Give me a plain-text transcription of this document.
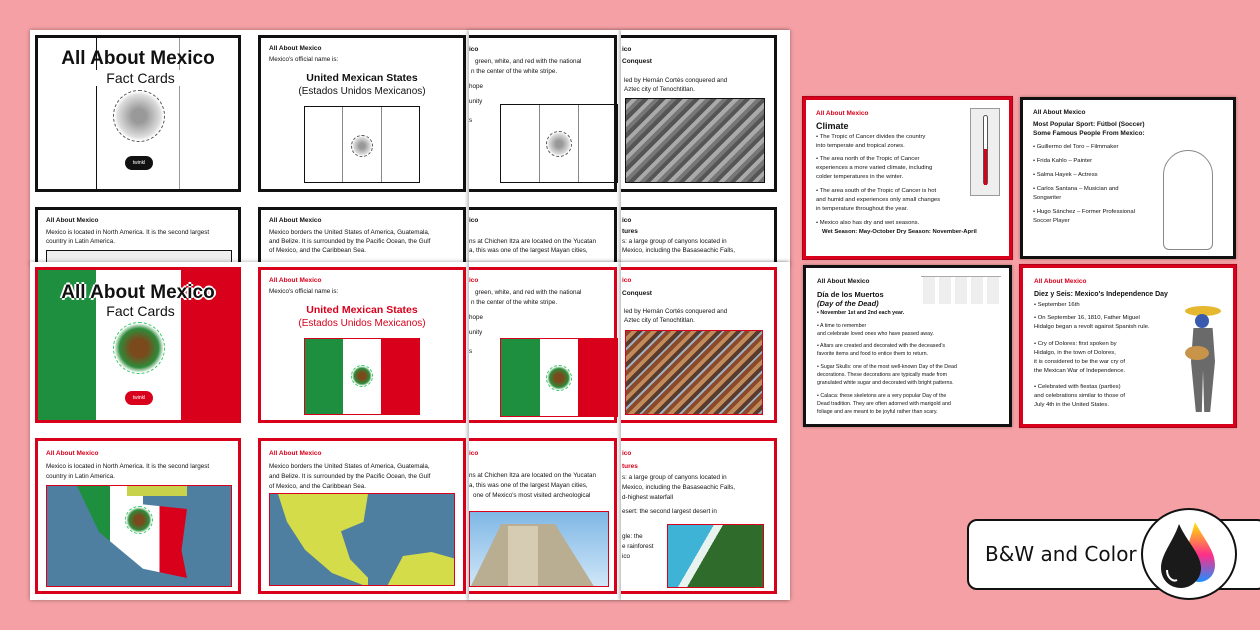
All About Mexico
Fact Cards
twinkl
All About Mexico
Mexico's official name is:
United Mexican States
(Estados Unidos Mexicanos)
All About Mexico
Mexico is located in North America. It is the second largest
country in Latin America.
All About Mexico
Mexico borders the United States of America, Guatemala,
and Belize. It is surrounded by the Pacific Ocean, the Gulf
of Mexico, and the Caribbean Sea.
ico
green, white, and red with the national
n the center of the white stripe.
hope
unity
s
ico
ns at Chichen Itza are located on the Yucatan
a, this was one of the largest Mayan cities,
ico
Conquest
led by Hernán Cortés conquered and
Aztec city of Tenochtitlan.
ico
tures
s: a large group of canyons located in
Mexico, including the Basaseachic Falls,
All About Mexico
Fact Cards
twinkl
All About Mexico
Mexico's official name is:
United Mexican States
(Estados Unidos Mexicanos)
All About Mexico
Mexico is located in North America. It is the second largest
country in Latin America.
All About Mexico
Mexico borders the United States of America, Guatemala,
and Belize. It is surrounded by the Pacific Ocean, the Gulf
of Mexico, and the Caribbean Sea.
ico
green, white, and red with the national
n the center of the white stripe.
hope
unity
s
ico
ns at Chichen Itza are located on the Yucatan
a, this was one of the largest Mayan cities,
one of Mexico's most visited archeological
ico
Conquest
led by Hernán Cortés conquered and
Aztec city of Tenochtitlan.
ico
tures
s: a large group of canyons located in
Mexico, including the Basaseachic Falls,
d-highest waterfall
esert: the second largest desert in
gle: the
e rainforest
ico
All About Mexico
Climate
• The Tropic of Cancer divides the country
into temperate and tropical zones.
• The area north of the Tropic of Cancer
experiences a more varied climate, including
colder temperatures in the winter.
• The area south of the Tropic of Cancer is hot
and humid and experiences only small changes
in temperature throughout the year.
• Mexico also has dry and wet seasons.
Wet Season: May-October Dry Season: November-April
All About Mexico
Most Popular Sport: Fútbol (Soccer)
Some Famous People From Mexico:
• Guillermo del Toro – Filmmaker
• Frida Kahlo – Painter
• Salma Hayek – Actress
• Carlos Santana – Musician and
Songwriter
• Hugo Sánchez – Former Professional
Soccer Player
All About Mexico
Día de los Muertos
(Day of the Dead)
• November 1st and 2nd each year.
• A time to remember
and celebrate loved ones who have passed away.
• Altars are created and decorated with the deceased's
favorite items and food to entice them to return.
• Sugar Skulls: one of the most well-known Day of the Dead
decorations. These decorations are typically made from
granulated white sugar and decorated with bright patterns.
• Calaca: these skeletons are a very popular Day of the
Dead tradition. They are often adorned with marigold and
foliage and are meant to be joyful rather than scary.
All About Mexico
Diez y Seis: Mexico's Independence Day
• September 16th
• On September 16, 1810, Father Miguel
Hidalgo began a revolt against Spanish rule.
• Cry of Dolores: first spoken by
Hidalgo, in the town of Dolores,
it is considered to be the war cry of
the Mexican War of Independence.
• Celebrated with fiestas (parties)
and celebrations similar to those of
July 4th in the United States.
B&W and Color
